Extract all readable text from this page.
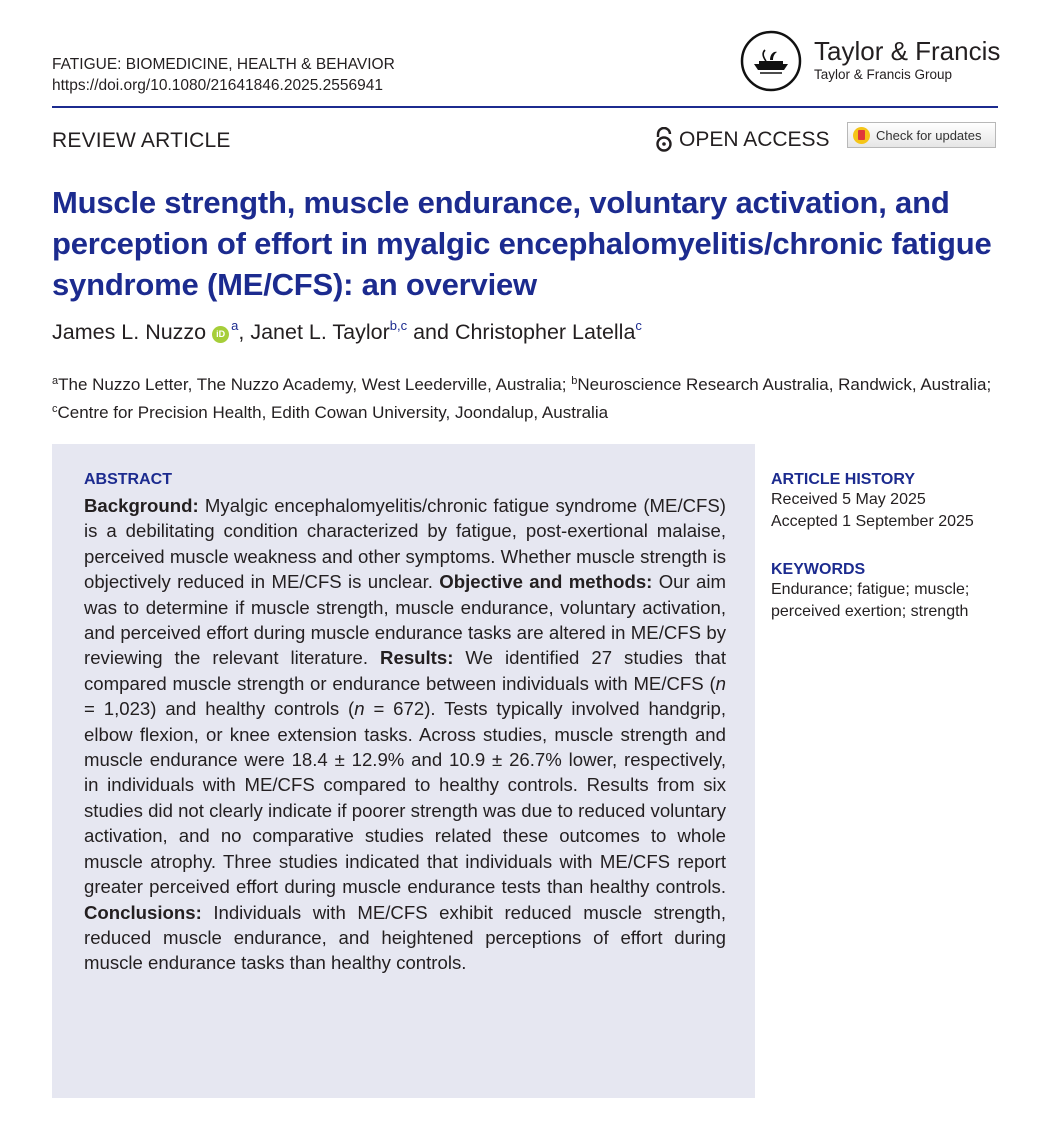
FATIGUE: BIOMEDICINE, HEALTH & BEHAVIOR
https://doi.org/10.1080/21641846.2025.2556941
Taylor & Francis
Taylor & Francis Group
REVIEW ARTICLE	OPEN ACCESS	Check for updates
Muscle strength, muscle endurance, voluntary activation, and perception of effort in myalgic encephalomyelitis/chronic fatigue syndrome (ME/CFS): an overview
James L. Nuzzo $iD^a$, Janet L. Taylor$^{b,c}$ and Christopher Latella$^c$
$^a$The Nuzzo Letter, The Nuzzo Academy, West Leederville, Australia; $^b$Neuroscience Research Australia, Randwick, Australia; $^c$Centre for Precision Health, Edith Cowan University, Joondalup, Australia
ABSTRACT
Background: Myalgic encephalomyelitis/chronic fatigue syndrome (ME/CFS) is a debilitating condition characterized by fatigue, post-exertional malaise, perceived muscle weakness and other symptoms. Whether muscle strength is objectively reduced in ME/CFS is unclear. Objective and methods: Our aim was to determine if muscle strength, muscle endurance, voluntary activation, and perceived effort during muscle endurance tasks are altered in ME/CFS by reviewing the relevant literature. Results: We identified 27 studies that compared muscle strength or endurance between individuals with ME/CFS (n = 1,023) and healthy controls (n = 672). Tests typically involved handgrip, elbow flexion, or knee extension tasks. Across studies, muscle strength and muscle endurance were 18.4 ± 12.9% and 10.9 ± 26.7% lower, respectively, in individuals with ME/CFS compared to healthy controls. Results from six studies did not clearly indicate if poorer strength was due to reduced voluntary activation, and no comparative studies related these outcomes to whole muscle atrophy. Three studies indicated that individuals with ME/CFS report greater perceived effort during muscle endurance tests than healthy controls. Conclusions: Individuals with ME/CFS exhibit reduced muscle strength, reduced muscle endurance, and heightened perceptions of effort during muscle endurance tasks than healthy controls.
ARTICLE HISTORY
Received 5 May 2025
Accepted 1 September 2025
KEYWORDS
Endurance; fatigue; muscle;
perceived exertion; strength
